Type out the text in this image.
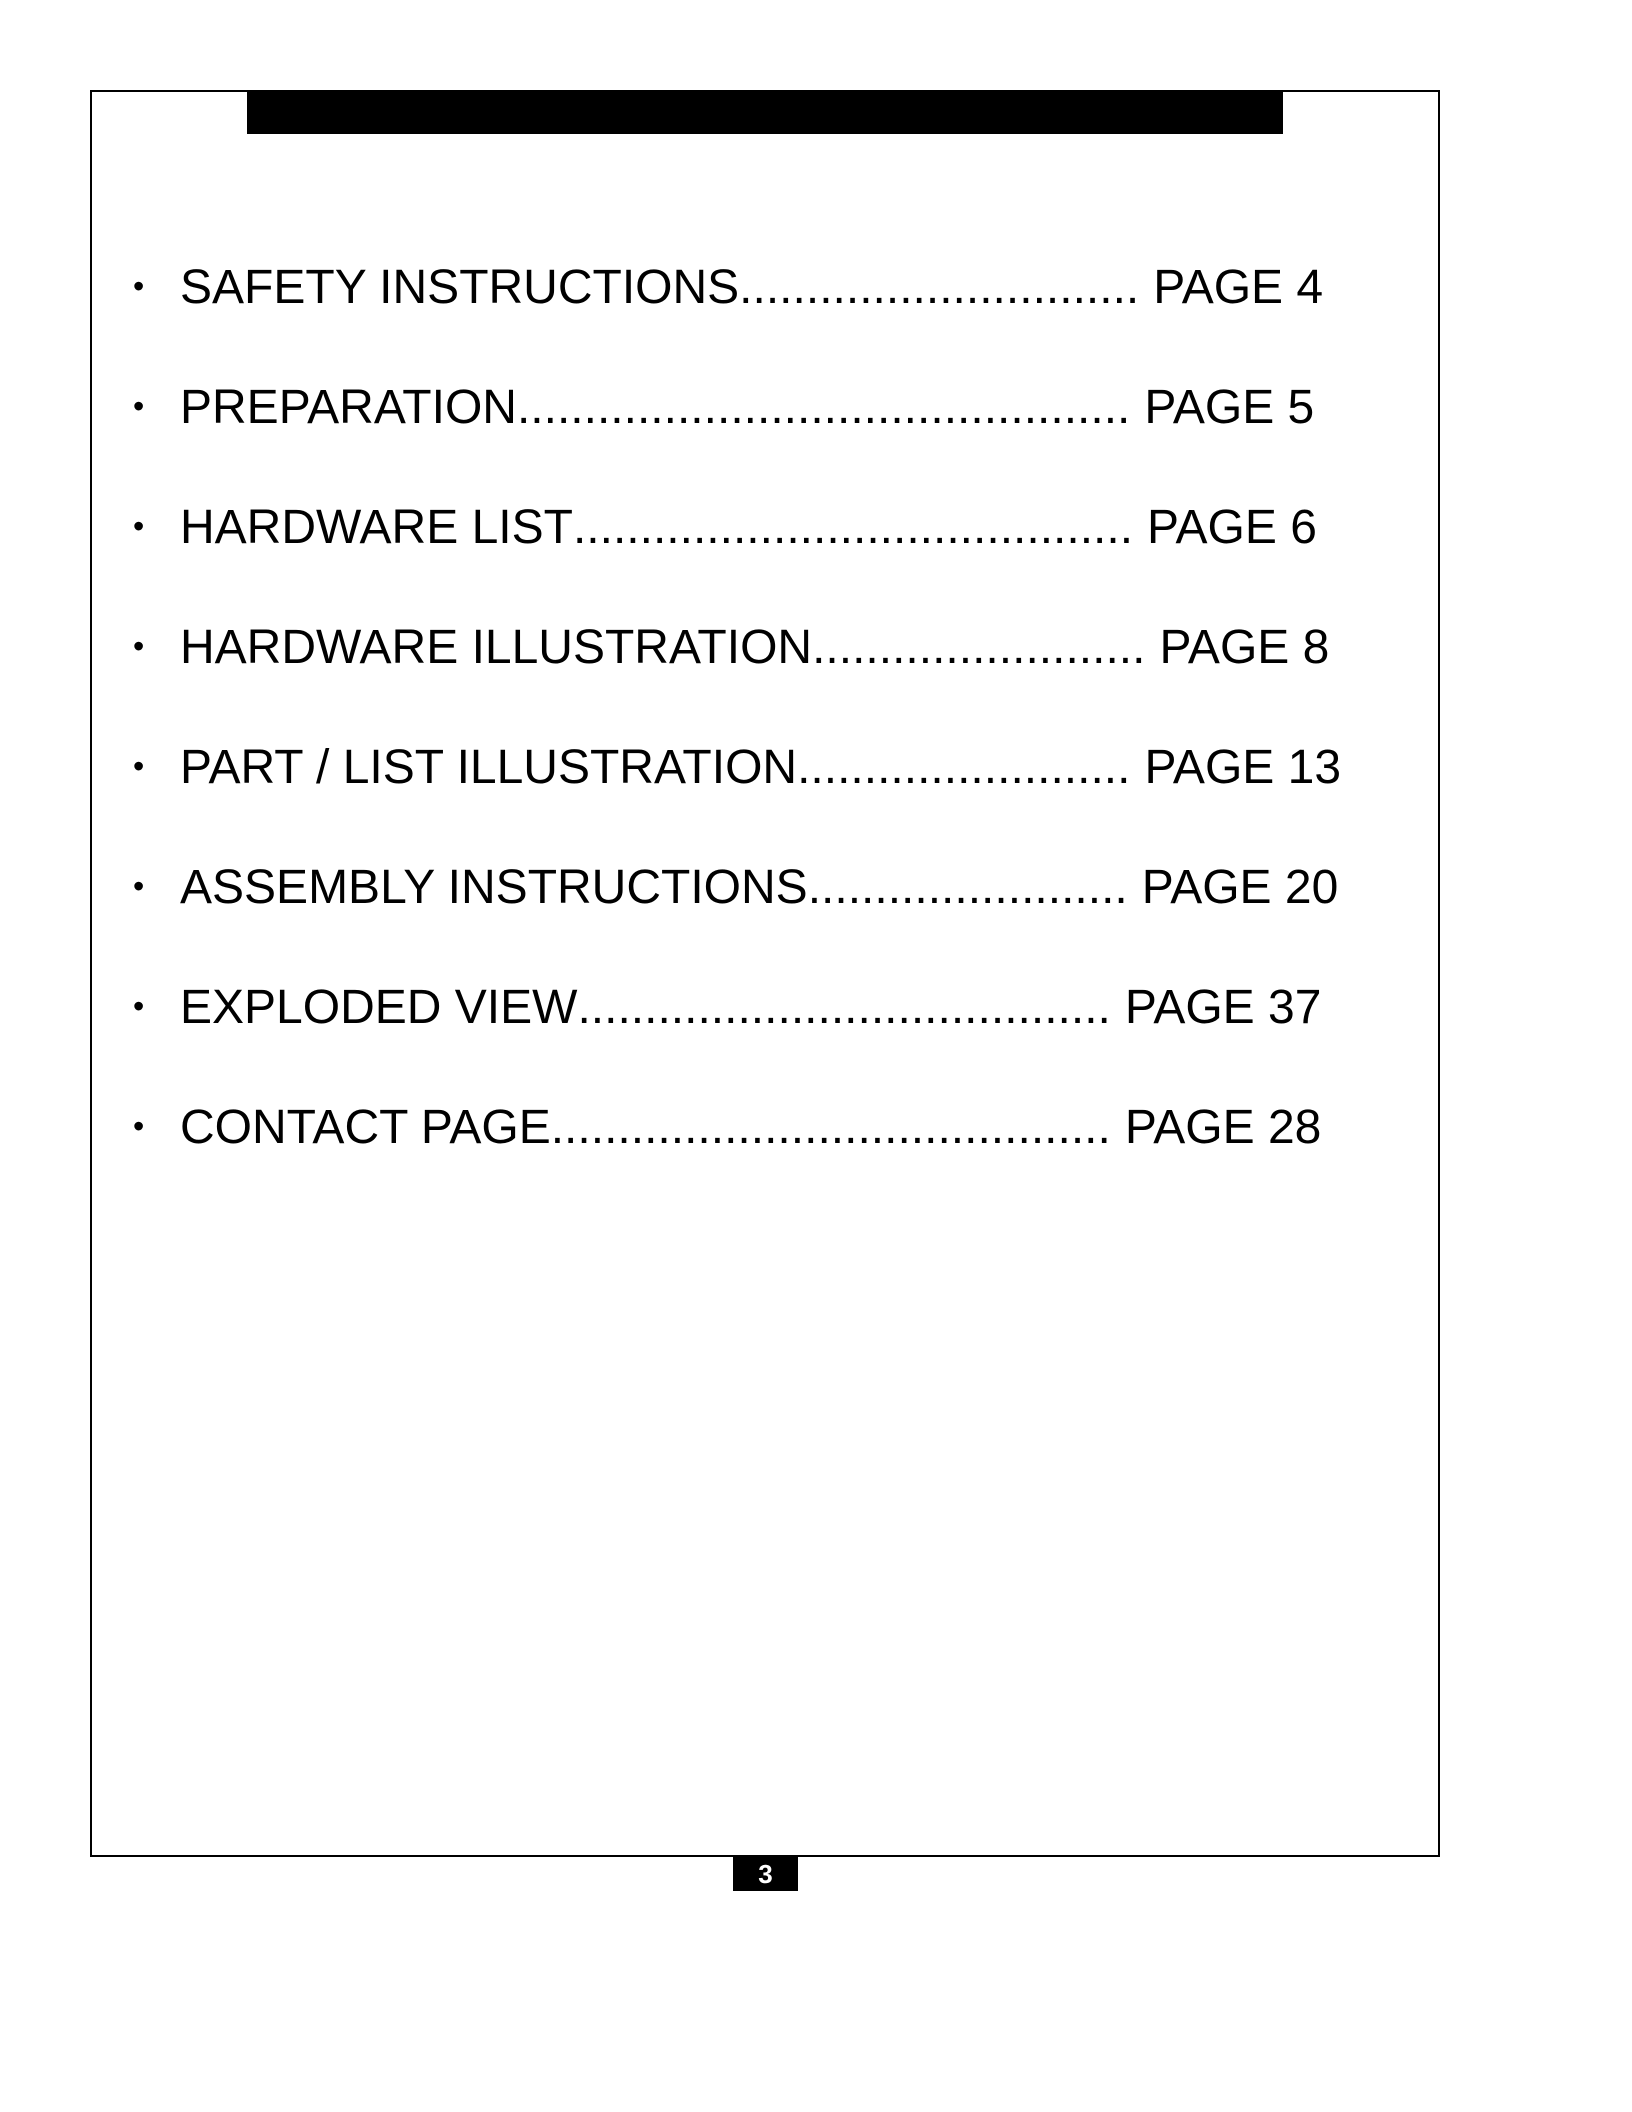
• SAFETY INSTRUCTIONS .............................. PAGE 4
• PREPARATION .............................................. PAGE 5
• HARDWARE LIST .......................................... PAGE 6
• HARDWARE ILLUSTRATION ......................... PAGE 8
• PART / LIST ILLUSTRATION ......................... PAGE 13
• ASSEMBLY INSTRUCTIONS ........................ PAGE 20
• EXPLODED VIEW ........................................ PAGE 37
• CONTACT PAGE .......................................... PAGE 28
3
